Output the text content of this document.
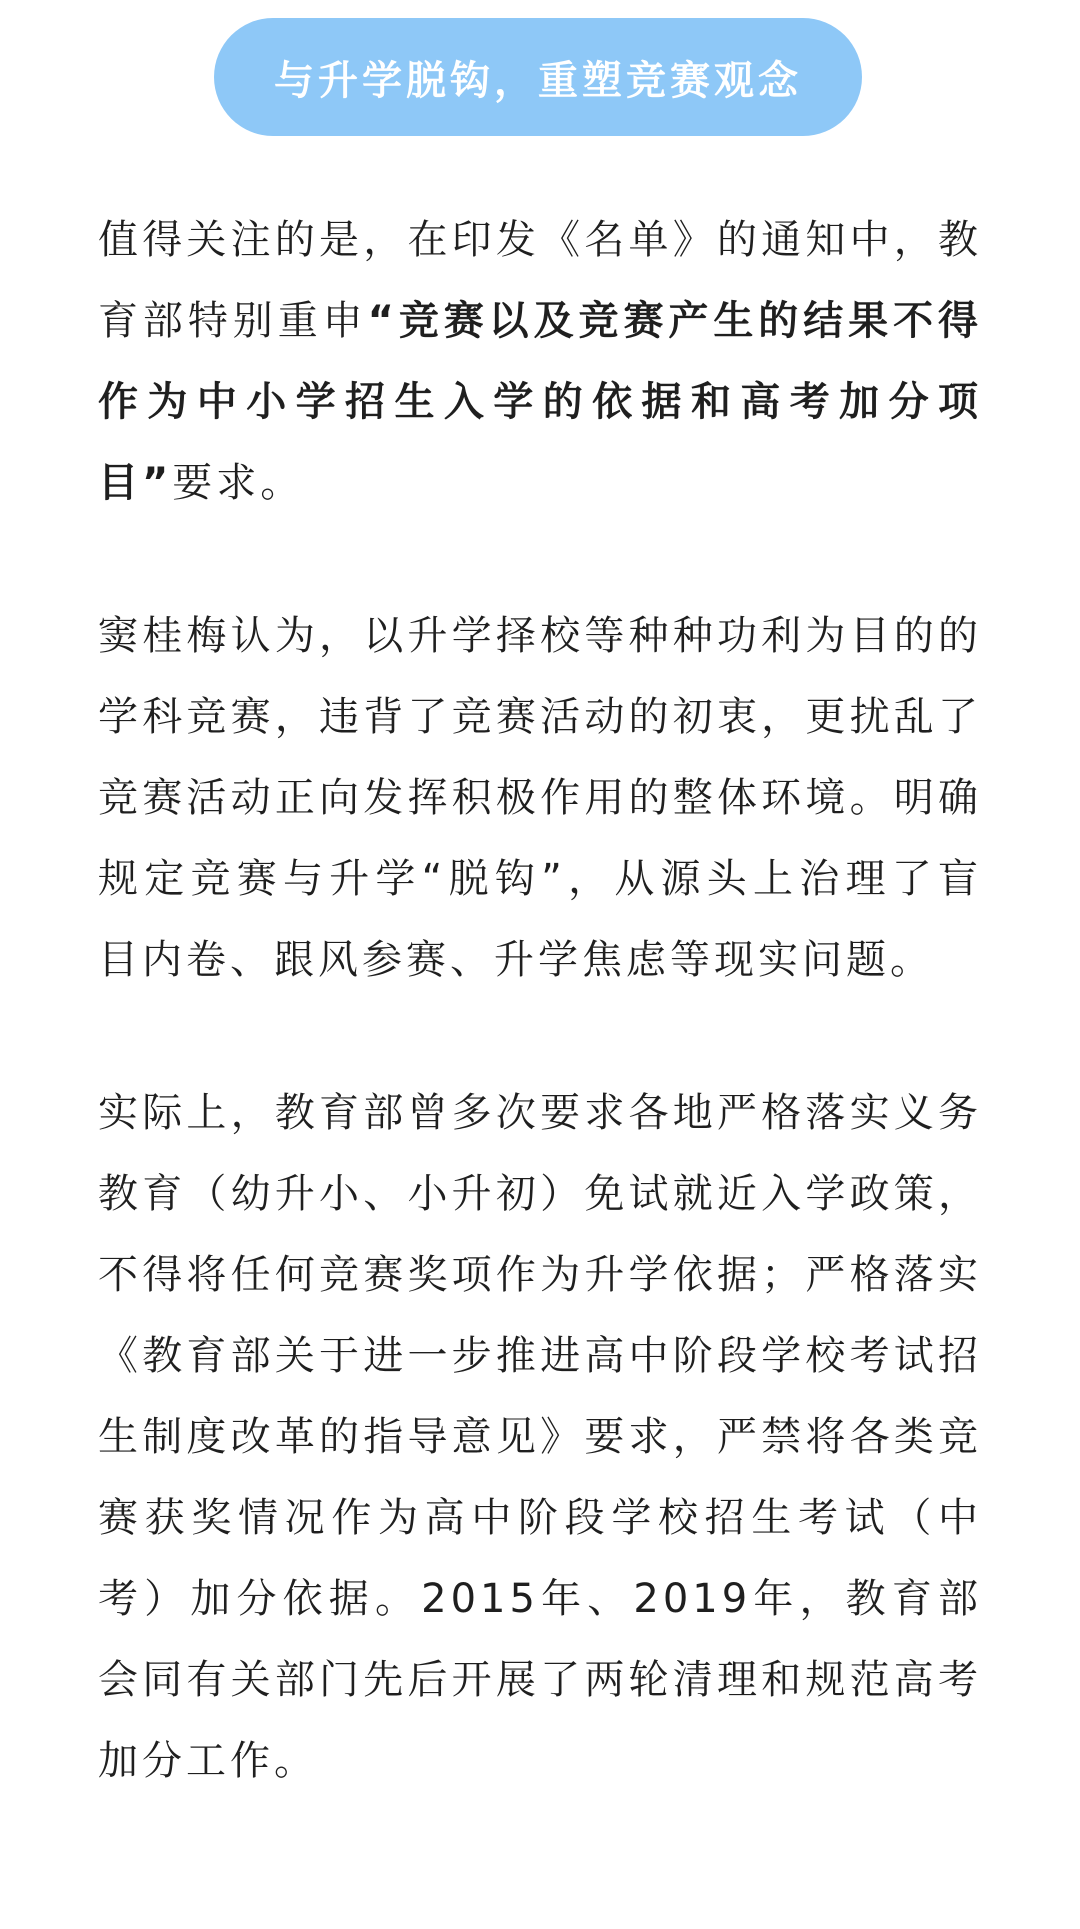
与升学脱钩，重塑竞赛观念

值得关注的是，在印发《名单》的通知中，教育部特别重申“竞赛以及竞赛产生的结果不得作为中小学招生入学的依据和高考加分项目”要求。

窦桂梅认为，以升学择校等种种功利为目的的学科竞赛，违背了竞赛活动的初衷，更扰乱了竞赛活动正向发挥积极作用的整体环境。明确规定竞赛与升学“脱钩”，从源头上治理了盲目内卷、跟风参赛、升学焦虑等现实问题。

实际上，教育部曾多次要求各地严格落实义务教育（幼升小、小升初）免试就近入学政策，不得将任何竞赛奖项作为升学依据；严格落实《教育部关于进一步推进高中阶段学校考试招生制度改革的指导意见》要求，严禁将各类竞赛获奖情况作为高中阶段学校招生考试（中考）加分依据。2015年、2019年，教育部会同有关部门先后开展了两轮清理和规范高考加分工作。
